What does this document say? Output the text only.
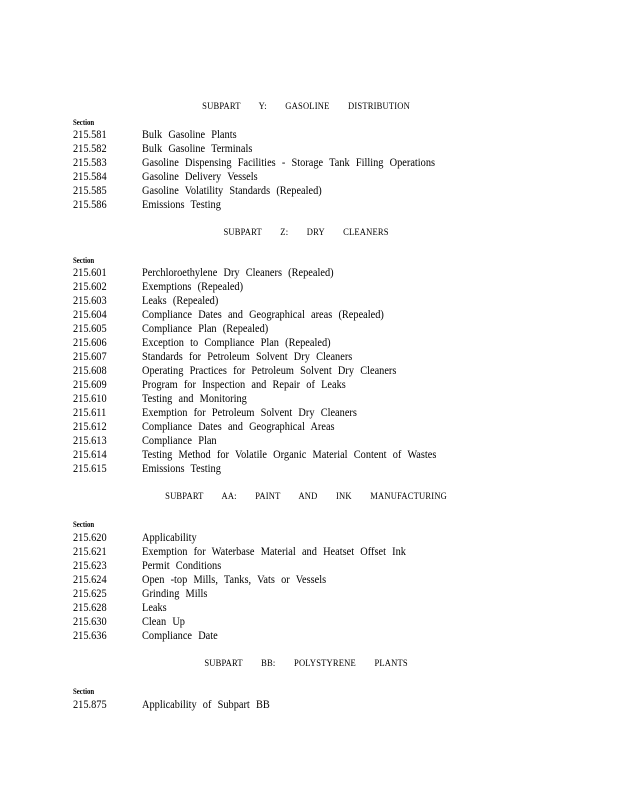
SUBPART Y: GASOLINE DISTRIBUTION
Section
215.581	Bulk Gasoline Plants
215.582	Bulk Gasoline Terminals
215.583	Gasoline Dispensing Facilities - Storage Tank Filling Operations
215.584	Gasoline Delivery Vessels
215.585	Gasoline Volatility Standards (Repealed)
215.586	Emissions Testing
SUBPART Z: DRY CLEANERS
Section
215.601	Perchloroethylene Dry Cleaners (Repealed)
215.602	Exemptions (Repealed)
215.603	Leaks (Repealed)
215.604	Compliance Dates and Geographical areas (Repealed)
215.605	Compliance Plan (Repealed)
215.606	Exception to Compliance Plan (Repealed)
215.607	Standards for Petroleum Solvent Dry Cleaners
215.608	Operating Practices for Petroleum Solvent Dry Cleaners
215.609	Program for Inspection and Repair of Leaks
215.610	Testing and Monitoring
215.611	Exemption for Petroleum Solvent Dry Cleaners
215.612	Compliance Dates and Geographical Areas
215.613	Compliance Plan
215.614	Testing Method for Volatile Organic Material Content of Wastes
215.615	Emissions Testing
SUBPART AA: PAINT AND INK MANUFACTURING
Section
215.620	Applicability
215.621	Exemption for Waterbase Material and Heatset Offset Ink
215.623	Permit Conditions
215.624	Open -top Mills, Tanks, Vats or Vessels
215.625	Grinding Mills
215.628	Leaks
215.630	Clean Up
215.636	Compliance Date
SUBPART BB: POLYSTYRENE PLANTS
Section
215.875	Applicability of Subpart BB
